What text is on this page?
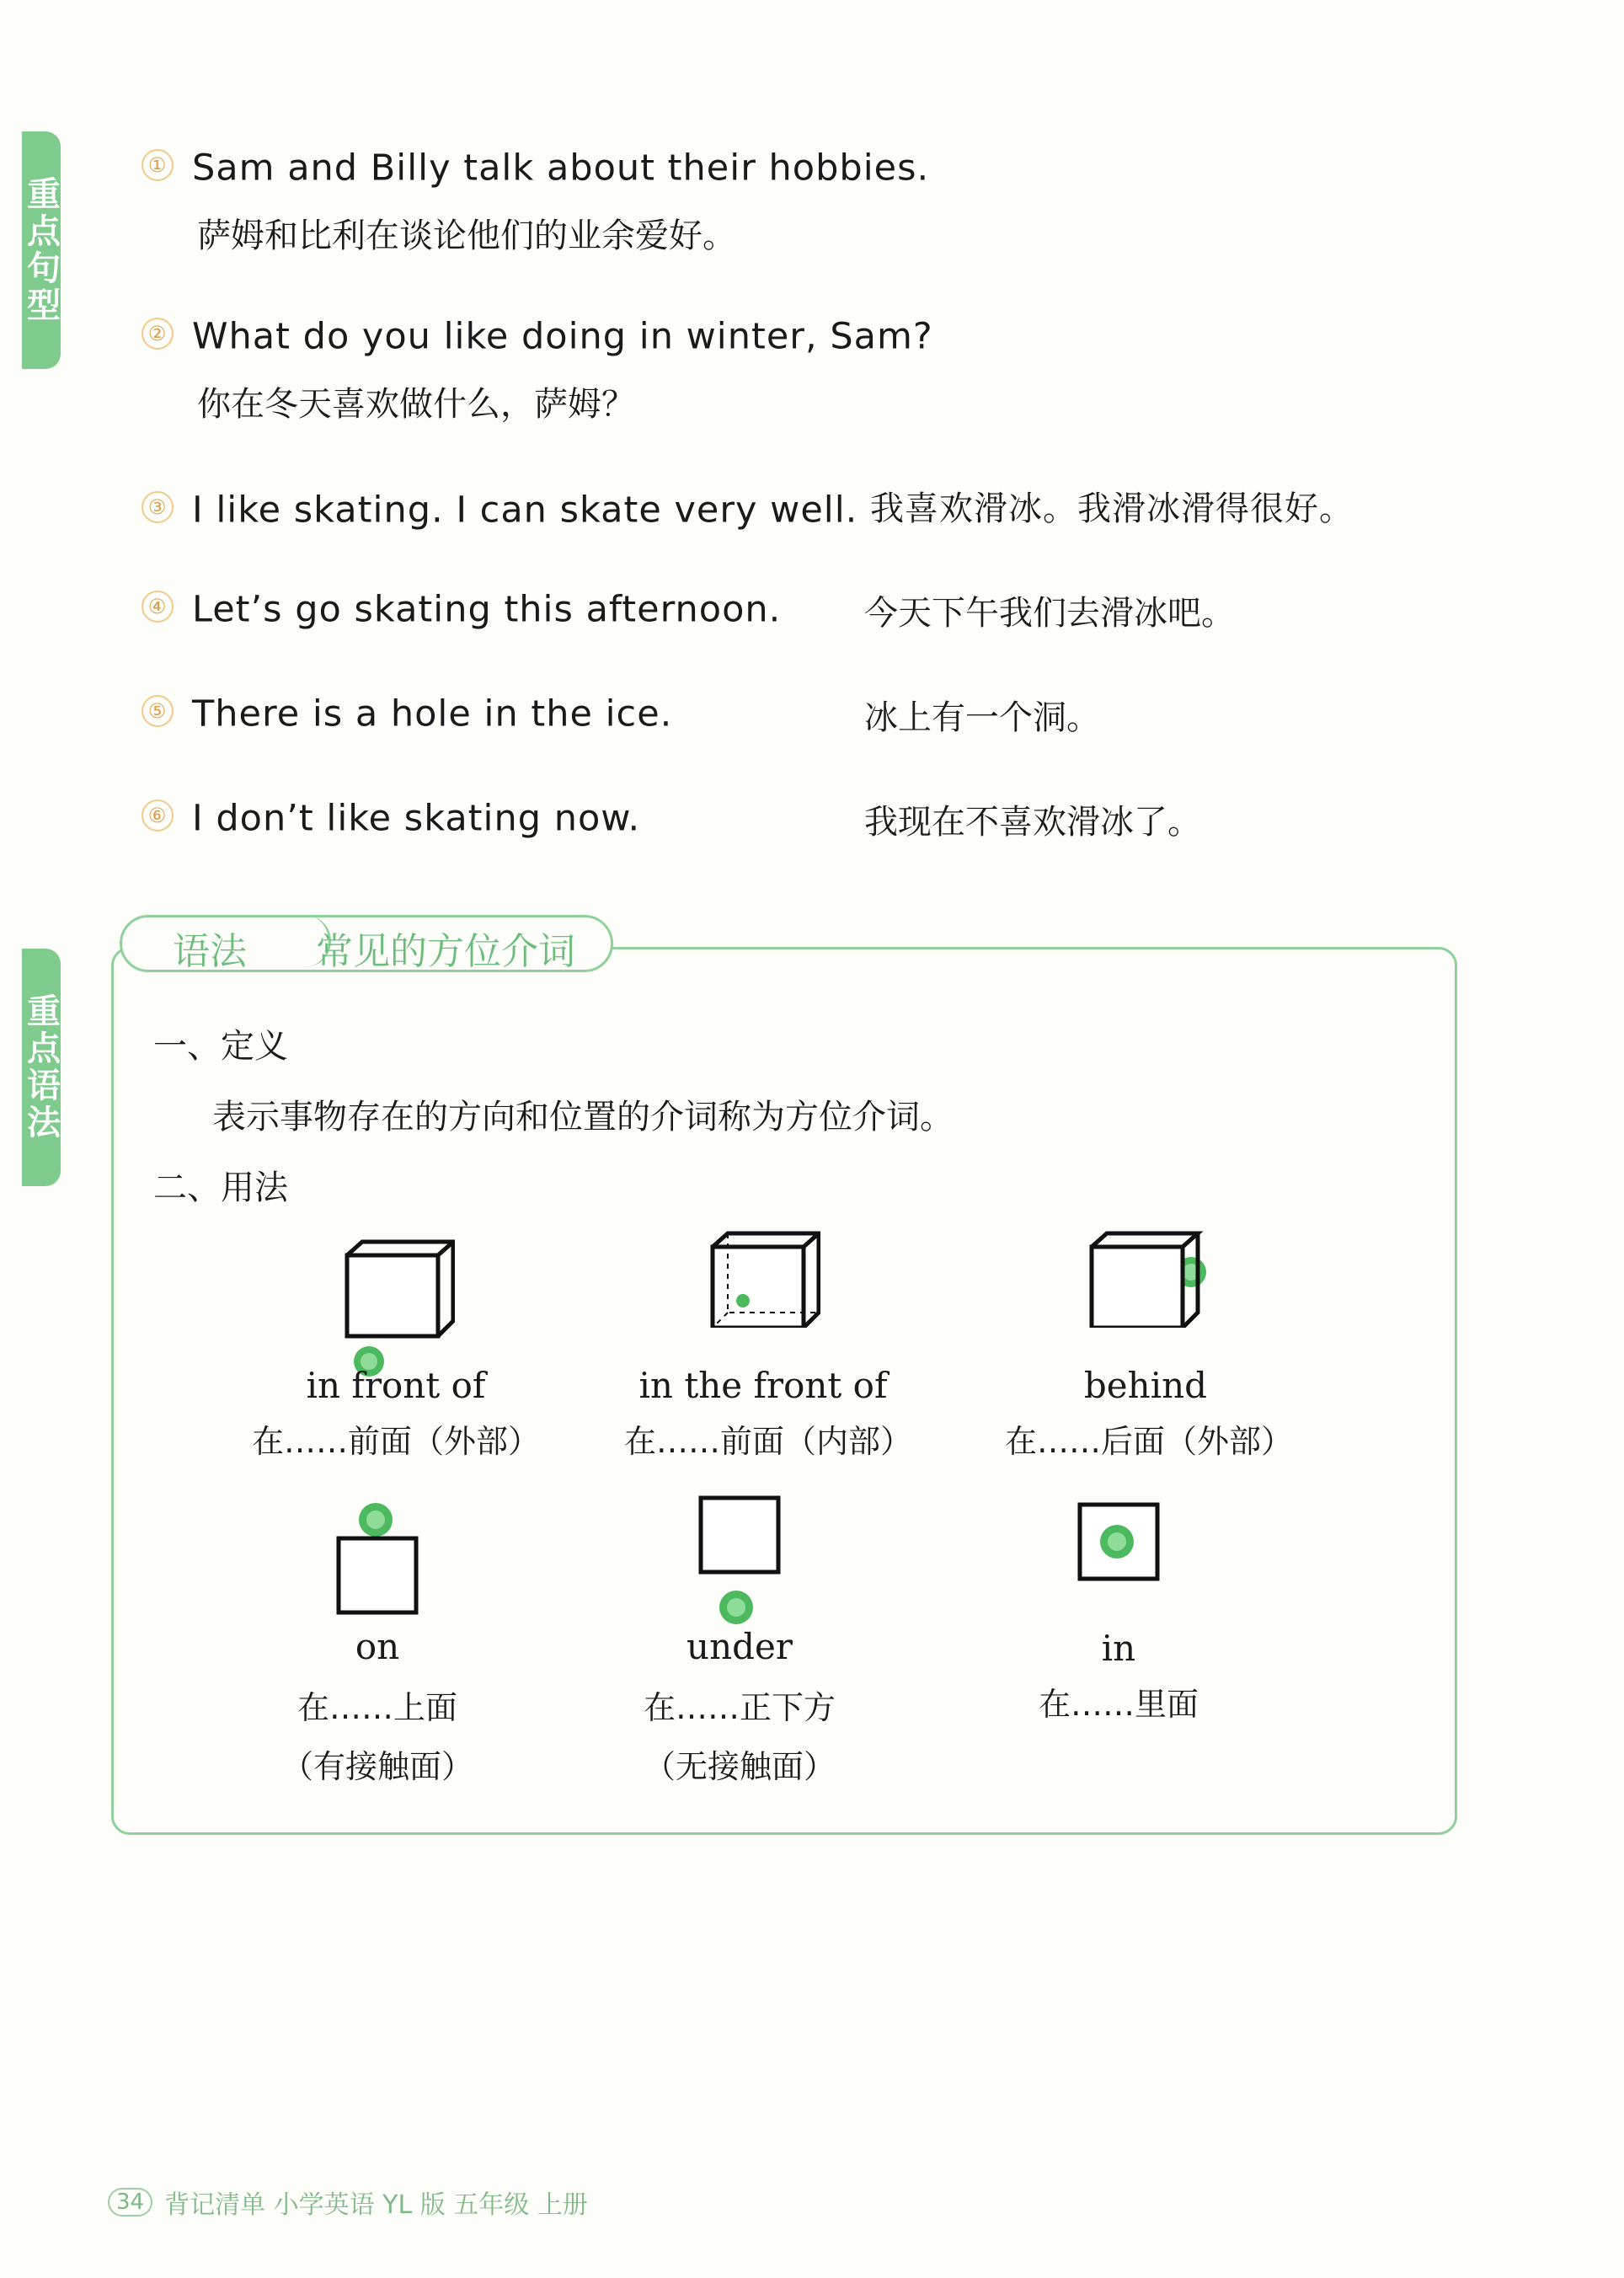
重点句型
重点语法
① Sam and Billy talk about their hobbies.
萨姆和比利在谈论他们的业余爱好。
② What do you like doing in winter, Sam?
你在冬天喜欢做什么，萨姆？
③ I like skating. I can skate very well. 我喜欢滑冰。我滑冰滑得很好。
④ Let’s go skating this afternoon. 今天下午我们去滑冰吧。
⑤ There is a hole in the ice.	冰上有一个洞。
⑥ I don’t like skating now.	我现在不喜欢滑冰了。
语法 常见的方位介词
一、定义
表示事物存在的方向和位置的介词称为方位介词。
二、用法
in front of
在……前面（外部）
in the front of
在……前面（内部）
behind
在……后面（外部）
on
在……上面
（有接触面）
under
在……正下方
（无接触面）
in
在……里面
34 背记清单 小学英语 YL 版 五年级 上册
